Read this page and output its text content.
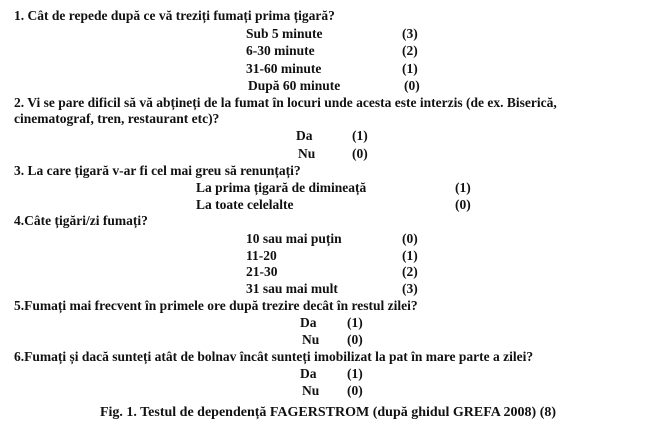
1. Cât de repede după ce vă treziți fumați prima țigară?
Sub 5 minute	(3)
6-30 minute	(2)
31-60 minute	(1)
După 60 minute	(0)
2. Vi se pare dificil să vă abțineți de la fumat în locuri unde acesta este interzis (de ex. Biserică,
cinematograf, tren, restaurant etc)?
Da	(1)
Nu	(0)
3. La care țigară v-ar fi cel mai greu să renunțați?
La prima țigară de dimineață	(1)
La toate celelalte	(0)
4.Câte țigări/zi fumați?
10 sau mai puțin	(0)
11-20	(1)
21-30	(2)
31 sau mai mult	(3)
5.Fumați mai frecvent în primele ore după trezire decât în restul zilei?
Da (1)
Nu (0)
6.Fumați și dacă sunteți atât de bolnav încât sunteți imobilizat la pat în mare parte a zilei?
Da (1)
Nu (0)
Fig. 1. Testul de dependență FAGERSTROM (după ghidul GREFA 2008) (8)
